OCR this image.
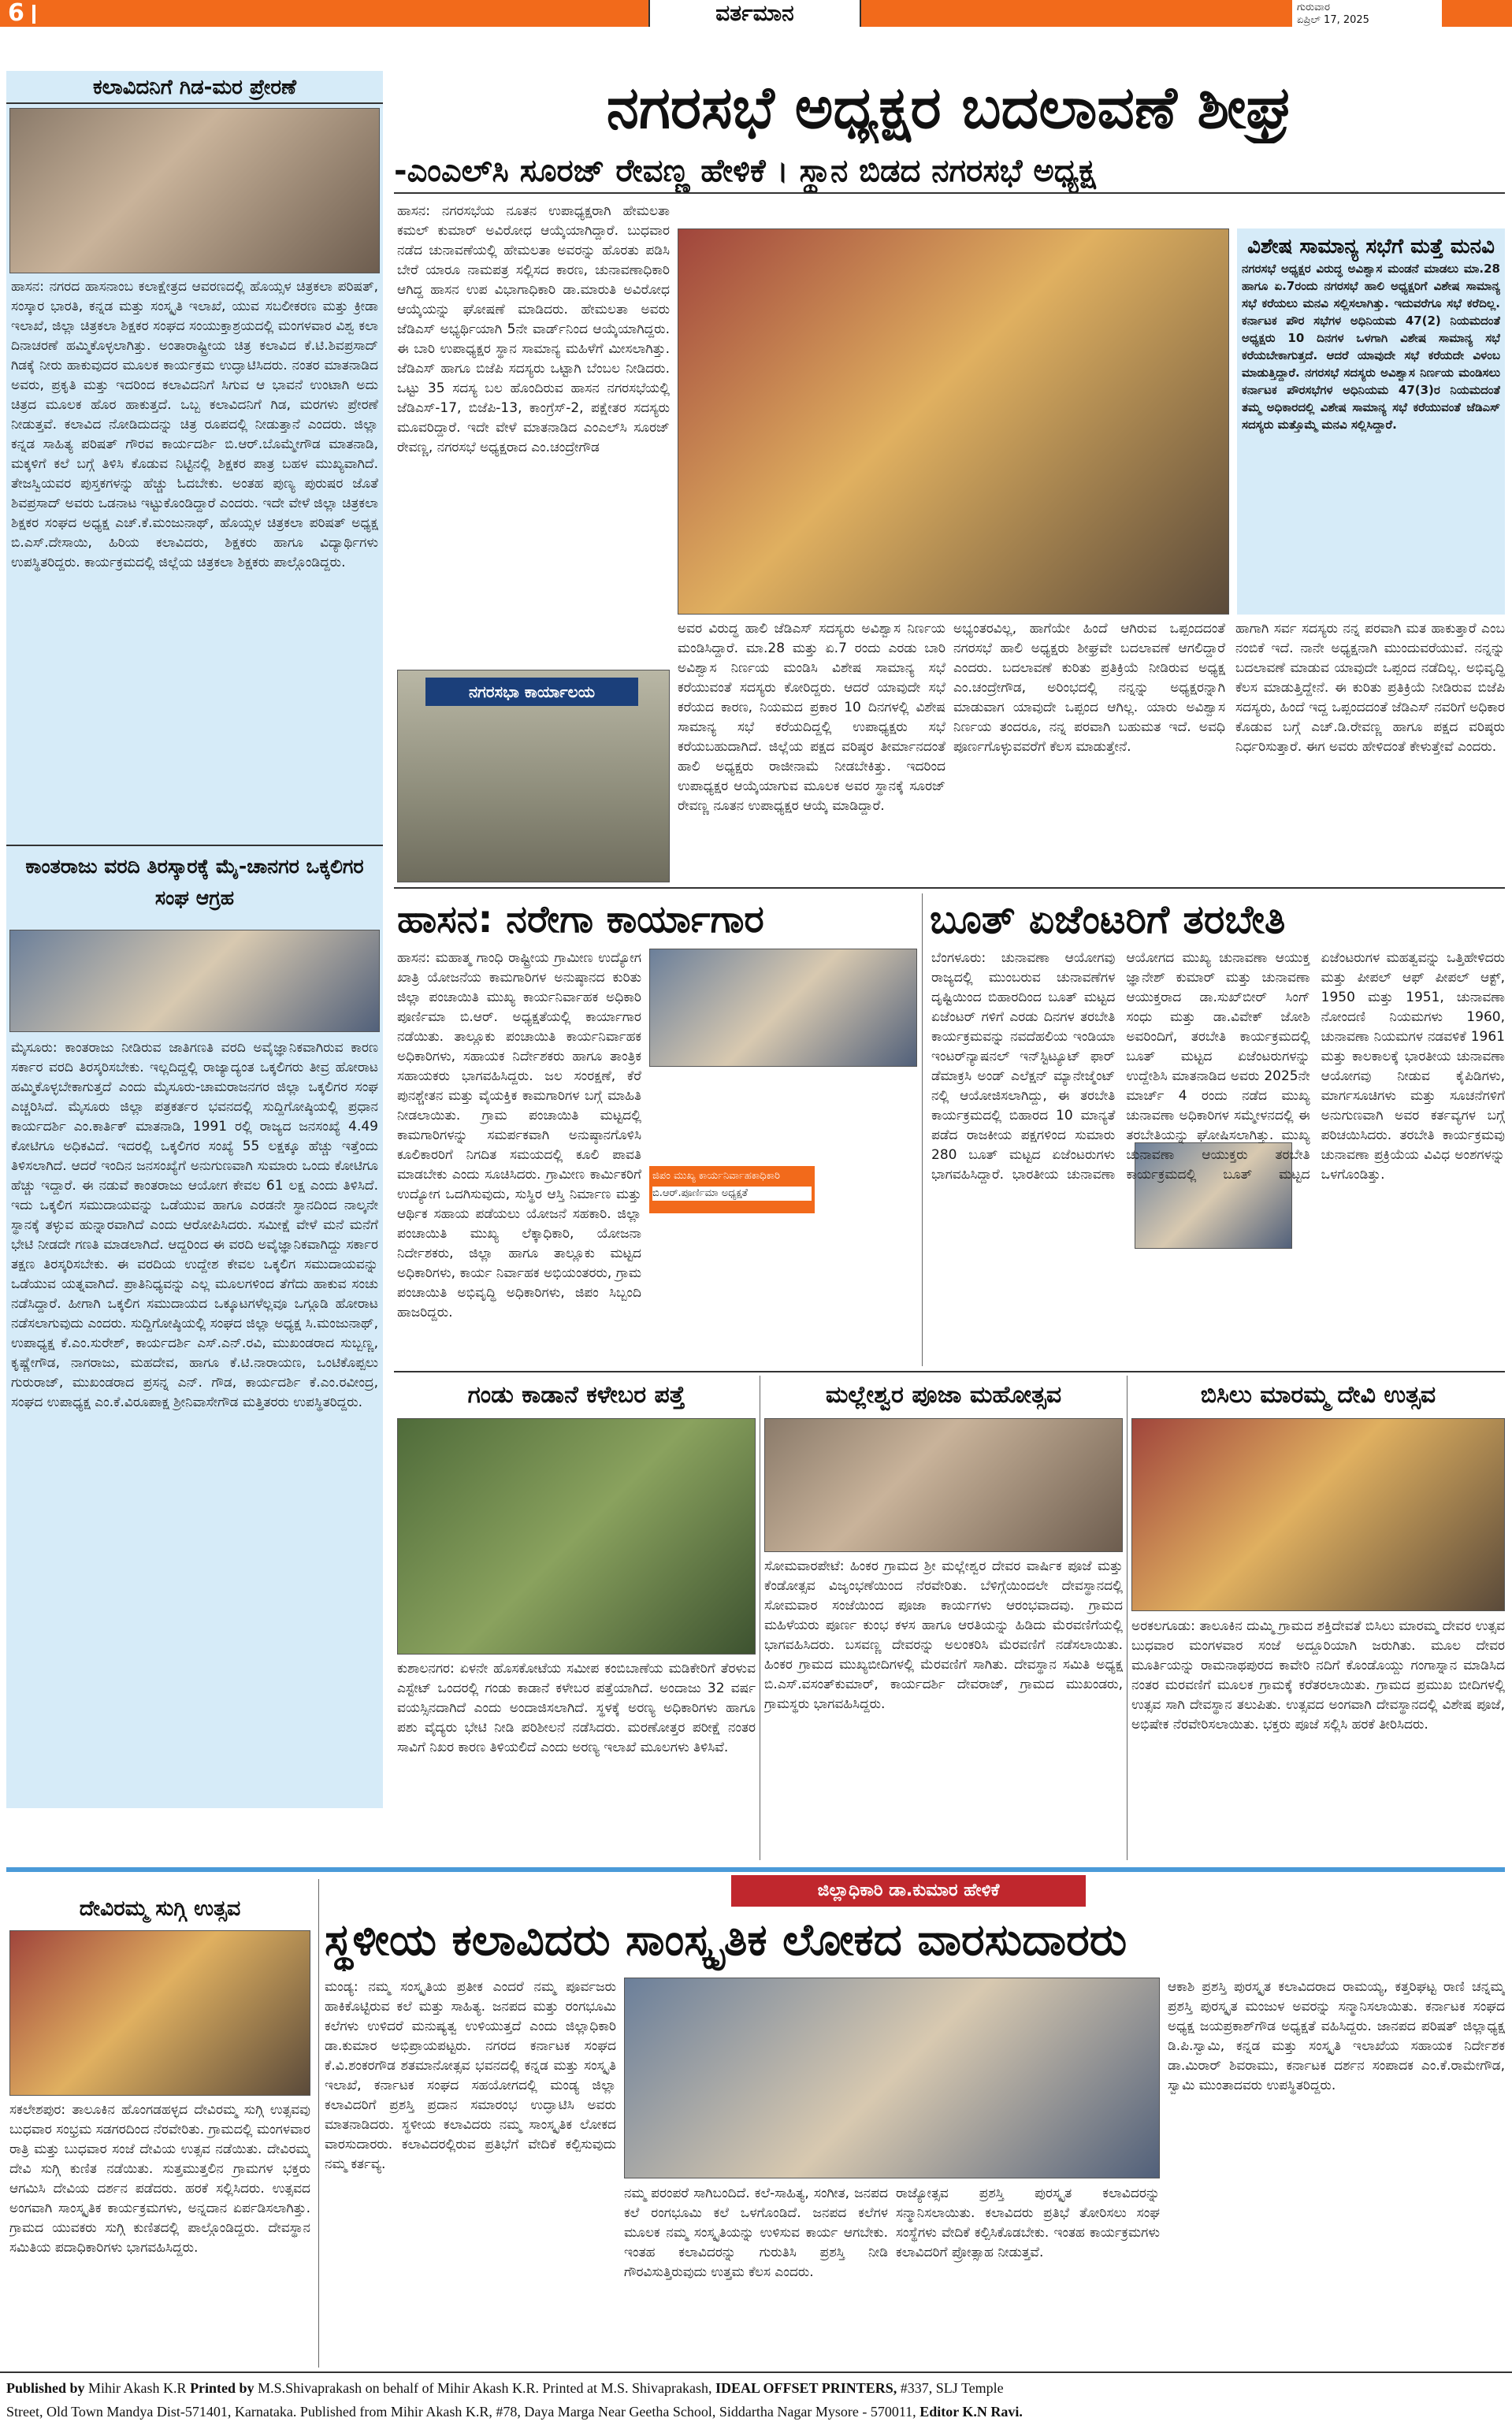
6	ವರ್ತಮಾನ	ಗುರುವಾರ
ಏಪ್ರಿಲ್ 17, 2025
ಕಲಾವಿದನಿಗೆ ಗಿಡ-ಮರ ಪ್ರೇರಣೆ
ಹಾಸನ: ನಗರದ ಹಾಸನಾಂಬ ಕಲಾಕ್ಷೇತ್ರದ ಆವರಣದಲ್ಲಿ ಹೊಯ್ಸಳ ಚಿತ್ರಕಲಾ ಪರಿಷತ್, ಸಂಸ್ಕಾರ ಭಾರತಿ, ಕನ್ನಡ ಮತ್ತು ಸಂಸ್ಕೃತಿ ಇಲಾಖೆ, ಯುವ ಸಬಲೀಕರಣ ಮತ್ತು ಕ್ರೀಡಾ ಇಲಾಖೆ, ಜಿಲ್ಲಾ ಚಿತ್ರಕಲಾ ಶಿಕ್ಷಕರ ಸಂಘದ ಸಂಯುಕ್ತಾಶ್ರಯದಲ್ಲಿ ಮಂಗಳವಾರ ವಿಶ್ವ ಕಲಾ ದಿನಾಚರಣೆ ಹಮ್ಮಿಕೊಳ್ಳಲಾಗಿತ್ತು. ಅಂತಾರಾಷ್ಟ್ರೀಯ ಚಿತ್ರ ಕಲಾವಿದ ಕೆ.ಟಿ.ಶಿವಪ್ರಸಾದ್ ಗಿಡಕ್ಕೆ ನೀರು ಹಾಕುವುದರ ಮೂಲಕ ಕಾರ್ಯಕ್ರಮ ಉದ್ಘಾಟಿಸಿದರು. ನಂತರ ಮಾತನಾಡಿದ ಅವರು, ಪ್ರಕೃತಿ ಮತ್ತು ಇದರಿಂದ ಕಲಾವಿದನಿಗೆ ಸಿಗುವ ಆ ಭಾವನೆ ಉಂಟಾಗಿ ಅದು ಚಿತ್ರದ ಮೂಲಕ ಹೊರ ಹಾಕುತ್ತದೆ. ಒಬ್ಬ ಕಲಾವಿದನಿಗೆ ಗಿಡ, ಮರಗಳು ಪ್ರೇರಣೆ ನೀಡುತ್ತವೆ. ಕಲಾವಿದ ನೋಡಿದುದನ್ನು ಚಿತ್ರ ರೂಪದಲ್ಲಿ ನೀಡುತ್ತಾನೆ ಎಂದರು. ಜಿಲ್ಲಾ ಕನ್ನಡ ಸಾಹಿತ್ಯ ಪರಿಷತ್ ಗೌರವ ಕಾರ್ಯದರ್ಶಿ ಬಿ.ಆರ್.ಬೊಮ್ಮೇಗೌಡ ಮಾತನಾಡಿ, ಮಕ್ಕಳಿಗೆ ಕಲೆ ಬಗ್ಗೆ ತಿಳಿಸಿ ಕೊಡುವ ನಿಟ್ಟಿನಲ್ಲಿ ಶಿಕ್ಷಕರ ಪಾತ್ರ ಬಹಳ ಮುಖ್ಯವಾಗಿದೆ. ತೇಜಸ್ವಿಯವರ ಪುಸ್ತಕಗಳನ್ನು ಹೆಚ್ಚು ಓದಬೇಕು. ಅಂತಹ ಪುಣ್ಯ ಪುರುಷರ ಜೊತೆ ಶಿವಪ್ರಸಾದ್ ಅವರು ಒಡನಾಟ ಇಟ್ಟುಕೊಂಡಿದ್ದಾರೆ ಎಂದರು. ಇದೇ ವೇಳೆ ಜಿಲ್ಲಾ ಚಿತ್ರಕಲಾ ಶಿಕ್ಷಕರ ಸಂಘದ ಅಧ್ಯಕ್ಷ ಎಚ್.ಕೆ.ಮಂಜುನಾಥ್, ಹೊಯ್ಸಳ ಚಿತ್ರಕಲಾ ಪರಿಷತ್ ಅಧ್ಯಕ್ಷ ಬಿ.ಎಸ್.ದೇಸಾಯಿ, ಹಿರಿಯ ಕಲಾವಿದರು, ಶಿಕ್ಷಕರು ಹಾಗೂ ವಿದ್ಯಾರ್ಥಿಗಳು ಉಪಸ್ಥಿತರಿದ್ದರು. ಕಾರ್ಯಕ್ರಮದಲ್ಲಿ ಜಿಲ್ಲೆಯ ಚಿತ್ರಕಲಾ ಶಿಕ್ಷಕರು ಪಾಲ್ಗೊಂಡಿದ್ದರು.
ಕಾಂತರಾಜು ವರದಿ ತಿರಸ್ಕಾರಕ್ಕೆ ಮೈ-ಚಾನಗರ ಒಕ್ಕಲಿಗರ ಸಂಘ ಆಗ್ರಹ
ಮೈಸೂರು: ಕಾಂತರಾಜು ನೀಡಿರುವ ಜಾತಿಗಣತಿ ವರದಿ ಅವೈಜ್ಞಾನಿಕವಾಗಿರುವ ಕಾರಣ ಸರ್ಕಾರ ವರದಿ ತಿರಸ್ಕರಿಸಬೇಕು. ಇಲ್ಲದಿದ್ದಲ್ಲಿ ರಾಜ್ಯಾದ್ಯಂತ ಒಕ್ಕಲಿಗರು ತೀವ್ರ ಹೋರಾಟ ಹಮ್ಮಿಕೊಳ್ಳಬೇಕಾಗುತ್ತದೆ ಎಂದು ಮೈಸೂರು-ಚಾಮರಾಜನಗರ ಜಿಲ್ಲಾ ಒಕ್ಕಲಿಗರ ಸಂಘ ಎಚ್ಚರಿಸಿದೆ. ಮೈಸೂರು ಜಿಲ್ಲಾ ಪತ್ರಕರ್ತರ ಭವನದಲ್ಲಿ ಸುದ್ದಿಗೋಷ್ಠಿಯಲ್ಲಿ ಪ್ರಧಾನ ಕಾರ್ಯದರ್ಶಿ ಎಂ.ಕಾರ್ತಿಕ್ ಮಾತನಾಡಿ, 1991 ರಲ್ಲಿ ರಾಜ್ಯದ ಜನಸಂಖ್ಯೆ 4.49 ಕೋಟಿಗೂ ಅಧಿಕವಿದೆ. ಇದರಲ್ಲಿ ಒಕ್ಕಲಿಗರ ಸಂಖ್ಯೆ 55 ಲಕ್ಷಕ್ಕೂ ಹೆಚ್ಚು ಇತ್ತೆಂದು ತಿಳಿಸಲಾಗಿದೆ. ಆದರೆ ಇಂದಿನ ಜನಸಂಖ್ಯೆಗೆ ಅನುಗುಣವಾಗಿ ಸುಮಾರು ಒಂದು ಕೋಟಿಗೂ ಹೆಚ್ಚು ಇದ್ದಾರೆ. ಈ ನಡುವೆ ಕಾಂತರಾಜು ಆಯೋಗ ಕೇವಲ 61 ಲಕ್ಷ ಎಂದು ತಿಳಿಸಿದೆ. ಇದು ಒಕ್ಕಲಿಗ ಸಮುದಾಯವನ್ನು ಒಡೆಯುವ ಹಾಗೂ ಎರಡನೇ ಸ್ಥಾನದಿಂದ ನಾಲ್ಕನೇ ಸ್ಥಾನಕ್ಕೆ ತಳ್ಳುವ ಹುನ್ನಾರವಾಗಿದೆ ಎಂದು ಆರೋಪಿಸಿದರು. ಸಮೀಕ್ಷೆ ವೇಳೆ ಮನೆ ಮನೆಗೆ ಭೇಟಿ ನೀಡದೇ ಗಣತಿ ಮಾಡಲಾಗಿದೆ. ಆದ್ದರಿಂದ ಈ ವರದಿ ಅವೈಜ್ಞಾನಿಕವಾಗಿದ್ದು ಸರ್ಕಾರ ತಕ್ಷಣ ತಿರಸ್ಕರಿಸಬೇಕು. ಈ ವರದಿಯ ಉದ್ದೇಶ ಕೇವಲ ಒಕ್ಕಲಿಗ ಸಮುದಾಯವನ್ನು ಒಡೆಯುವ ಯತ್ನವಾಗಿದೆ. ಪ್ರಾತಿನಿಧ್ಯವನ್ನು ಎಲ್ಲ ಮೂಲಗಳಿಂದ ತೆಗೆದು ಹಾಕುವ ಸಂಚು ನಡೆಸಿದ್ದಾರೆ. ಹೀಗಾಗಿ ಒಕ್ಕಲಿಗ ಸಮುದಾಯದ ಒಕ್ಕೂಟಗಳೆಲ್ಲವೂ ಒಗ್ಗೂಡಿ ಹೋರಾಟ ನಡೆಸಲಾಗುವುದು ಎಂದರು. ಸುದ್ದಿಗೋಷ್ಠಿಯಲ್ಲಿ ಸಂಘದ ಜಿಲ್ಲಾ ಅಧ್ಯಕ್ಷ ಸಿ.ಮಂಜುನಾಥ್, ಉಪಾಧ್ಯಕ್ಷ ಕೆ.ಎಂ.ಸುರೇಶ್, ಕಾರ್ಯದರ್ಶಿ ಎಸ್.ಎನ್.ರವಿ, ಮುಖಂಡರಾದ ಸುಬ್ಬಣ್ಣ, ಕೃಷ್ಣೇಗೌಡ, ನಾಗರಾಜು, ಮಹದೇವ, ಹಾಗೂ ಕೆ.ಟಿ.ನಾರಾಯಣ, ಒಂಟಿಕೊಪ್ಪಲು ಗುರುರಾಜ್, ಮುಖಂಡರಾದ ಪ್ರಸನ್ನ ಎನ್. ಗೌಡ, ಕಾರ್ಯದರ್ಶಿ ಕೆ.ಎಂ.ರವೀಂದ್ರ, ಸಂಘದ ಉಪಾಧ್ಯಕ್ಷ ಎಂ.ಕೆ.ವಿರೂಪಾಕ್ಷ ಶ್ರೀನಿವಾಸೇಗೌಡ ಮತ್ತಿತರರು ಉಪಸ್ಥಿತರಿದ್ದರು.
ನಗರಸಭೆ ಅಧ್ಯಕ್ಷರ ಬದಲಾವಣೆ ಶೀಘ್ರ
-ಎಂಎಲ್‌ಸಿ ಸೂರಜ್ ರೇವಣ್ಣ ಹೇಳಿಕೆ । ಸ್ಥಾನ ಬಿಡದ ನಗರಸಭೆ ಅಧ್ಯಕ್ಷ
ಹಾಸನ: ನಗರಸಭೆಯ ನೂತನ ಉಪಾಧ್ಯಕ್ಷರಾಗಿ ಹೇಮಲತಾ ಕಮಲ್ ಕುಮಾರ್ ಅವಿರೋಧ ಆಯ್ಕೆಯಾಗಿದ್ದಾರೆ. ಬುಧವಾರ ನಡೆದ ಚುನಾವಣೆಯಲ್ಲಿ ಹೇಮಲತಾ ಅವರನ್ನು ಹೊರತು ಪಡಿಸಿ ಬೇರೆ ಯಾರೂ ನಾಮಪತ್ರ ಸಲ್ಲಿಸದ ಕಾರಣ, ಚುನಾವಣಾಧಿಕಾರಿ ಆಗಿದ್ದ ಹಾಸನ ಉಪ ವಿಭಾಗಾಧಿಕಾರಿ ಡಾ.ಮಾರುತಿ ಅವಿರೋಧ ಆಯ್ಕೆಯನ್ನು ಘೋಷಣೆ ಮಾಡಿದರು. ಹೇಮಲತಾ ಅವರು ಜೆಡಿಎಸ್ ಅಭ್ಯರ್ಥಿಯಾಗಿ 5ನೇ ವಾರ್ಡ್‌ನಿಂದ ಆಯ್ಕೆಯಾಗಿದ್ದರು. ಈ ಬಾರಿ ಉಪಾಧ್ಯಕ್ಷರ ಸ್ಥಾನ ಸಾಮಾನ್ಯ ಮಹಿಳೆಗೆ ಮೀಸಲಾಗಿತ್ತು. ಜೆಡಿಎಸ್ ಹಾಗೂ ಬಿಜೆಪಿ ಸದಸ್ಯರು ಒಟ್ಟಾಗಿ ಬೆಂಬಲ ನೀಡಿದರು. ಒಟ್ಟು 35 ಸದಸ್ಯ ಬಲ ಹೊಂದಿರುವ ಹಾಸನ ನಗರಸಭೆಯಲ್ಲಿ ಜೆಡಿಎಸ್-17, ಬಿಜೆಪಿ-13, ಕಾಂಗ್ರೆಸ್-2, ಪಕ್ಷೇತರ ಸದಸ್ಯರು ಮೂವರಿದ್ದಾರೆ. ಇದೇ ವೇಳೆ ಮಾತನಾಡಿದ ಎಂಎಲ್‌ಸಿ ಸೂರಜ್ ರೇವಣ್ಣ, ನಗರಸಭೆ ಅಧ್ಯಕ್ಷರಾದ ಎಂ.ಚಂದ್ರೇಗೌಡ
ವಿಶೇಷ ಸಾಮಾನ್ಯ ಸಭೆಗೆ ಮತ್ತೆ ಮನವಿ
ನಗರಸಭೆ ಅಧ್ಯಕ್ಷರ ವಿರುದ್ಧ ಅವಿಶ್ವಾಸ ಮಂಡನೆ ಮಾಡಲು ಮಾ.28 ಹಾಗೂ ಏ.7ರಂದು ನಗರಸಭೆ ಹಾಲಿ ಅಧ್ಯಕ್ಷರಿಗೆ ವಿಶೇಷ ಸಾಮಾನ್ಯ ಸಭೆ ಕರೆಯಲು ಮನವಿ ಸಲ್ಲಿಸಲಾಗಿತ್ತು. ಇದುವರೆಗೂ ಸಭೆ ಕರೆದಿಲ್ಲ. ಕರ್ನಾಟಕ ಪೌರ ಸಭೆಗಳ ಅಧಿನಿಯಮ 47(2) ನಿಯಮದಂತೆ ಅಧ್ಯಕ್ಷರು 10 ದಿನಗಳ ಒಳಗಾಗಿ ವಿಶೇಷ ಸಾಮಾನ್ಯ ಸಭೆ ಕರೆಯಬೇಕಾಗುತ್ತದೆ. ಆದರೆ ಯಾವುದೇ ಸಭೆ ಕರೆಯದೇ ವಿಳಂಬ ಮಾಡುತ್ತಿದ್ದಾರೆ. ನಗರಸಭೆ ಸದಸ್ಯರು ಅವಿಶ್ವಾಸ ನಿರ್ಣಯ ಮಂಡಿಸಲು ಕರ್ನಾಟಕ ಪೌರಸಭೆಗಳ ಅಧಿನಿಯಮ 47(3)ರ ನಿಯಮದಂತೆ ತಮ್ಮ ಅಧಿಕಾರದಲ್ಲಿ ವಿಶೇಷ ಸಾಮಾನ್ಯ ಸಭೆ ಕರೆಯುವಂತೆ ಜೆಡಿಎಸ್ ಸದಸ್ಯರು ಮತ್ತೊಮ್ಮೆ ಮನವಿ ಸಲ್ಲಿಸಿದ್ದಾರೆ.
ನಗರಸಭಾ ಕಾರ್ಯಾಲಯ
ಅವರ ವಿರುದ್ಧ ಹಾಲಿ ಜೆಡಿಎಸ್ ಸದಸ್ಯರು ಅವಿಶ್ವಾಸ ನಿರ್ಣಯ ಮಂಡಿಸಿದ್ದಾರೆ. ಮಾ.28 ಮತ್ತು ಏ.7 ರಂದು ಎರಡು ಬಾರಿ ಅವಿಶ್ವಾಸ ನಿರ್ಣಯ ಮಂಡಿಸಿ ವಿಶೇಷ ಸಾಮಾನ್ಯ ಸಭೆ ಕರೆಯುವಂತೆ ಸದಸ್ಯರು ಕೋರಿದ್ದರು. ಆದರೆ ಯಾವುದೇ ಸಭೆ ಕರೆಯದ ಕಾರಣ, ನಿಯಮದ ಪ್ರಕಾರ 10 ದಿನಗಳಲ್ಲಿ ವಿಶೇಷ ಸಾಮಾನ್ಯ ಸಭೆ ಕರೆಯದಿದ್ದಲ್ಲಿ ಉಪಾಧ್ಯಕ್ಷರು ಸಭೆ ಕರೆಯಬಹುದಾಗಿದೆ. ಜಿಲ್ಲೆಯ ಪಕ್ಷದ ವರಿಷ್ಠರ ತೀರ್ಮಾನದಂತೆ ಹಾಲಿ ಅಧ್ಯಕ್ಷರು ರಾಜೀನಾಮೆ ನೀಡಬೇಕಿತ್ತು. ಇದರಿಂದ ಉಪಾಧ್ಯಕ್ಷರ ಆಯ್ಕೆಯಾಗುವ ಮೂಲಕ ಅವರ ಸ್ಥಾನಕ್ಕೆ ಸೂರಜ್ ರೇವಣ್ಣ ನೂತನ ಉಪಾಧ್ಯಕ್ಷರ ಆಯ್ಕೆ ಮಾಡಿದ್ದಾರೆ.
ಅಭ್ಯಂತರವಿಲ್ಲ, ಹಾಗೆಯೇ ಹಿಂದೆ ಆಗಿರುವ ಒಪ್ಪಂದದಂತೆ ನಗರಸಭೆ ಹಾಲಿ ಅಧ್ಯಕ್ಷರು ಶೀಘ್ರವೇ ಬದಲಾವಣೆ ಆಗಲಿದ್ದಾರೆ ಎಂದರು. ಬದಲಾವಣೆ ಕುರಿತು ಪ್ರತಿಕ್ರಿಯೆ ನೀಡಿರುವ ಅಧ್ಯಕ್ಷ ಎಂ.ಚಂದ್ರೇಗೌಡ, ಅರಿಂಭದಲ್ಲಿ ನನ್ನನ್ನು ಅಧ್ಯಕ್ಷರನ್ನಾಗಿ ಮಾಡುವಾಗ ಯಾವುದೇ ಒಪ್ಪಂದ ಆಗಿಲ್ಲ. ಯಾರು ಅವಿಶ್ವಾಸ ನಿರ್ಣಯ ತಂದರೂ, ನನ್ನ ಪರವಾಗಿ ಬಹುಮತ ಇದೆ. ಅವಧಿ ಪೂರ್ಣಗೊಳ್ಳುವವರೆಗೆ ಕೆಲಸ ಮಾಡುತ್ತೇನೆ.
ಹಾಗಾಗಿ ಸರ್ವ ಸದಸ್ಯರು ನನ್ನ ಪರವಾಗಿ ಮತ ಹಾಕುತ್ತಾರೆ ಎಂಬ ನಂಬಿಕೆ ಇದೆ. ನಾನೇ ಅಧ್ಯಕ್ಷನಾಗಿ ಮುಂದುವರೆಯುವೆ. ನನ್ನನ್ನು ಬದಲಾವಣೆ ಮಾಡುವ ಯಾವುದೇ ಒಪ್ಪಂದ ನಡೆದಿಲ್ಲ. ಅಭಿವೃದ್ಧಿ ಕೆಲಸ ಮಾಡುತ್ತಿದ್ದೇನೆ. ಈ ಕುರಿತು ಪ್ರತಿಕ್ರಿಯೆ ನೀಡಿರುವ ಬಿಜೆಪಿ ಸದಸ್ಯರು, ಹಿಂದೆ ಇದ್ದ ಒಪ್ಪಂದದಂತೆ ಜೆಡಿಎಸ್ ನವರಿಗೆ ಅಧಿಕಾರ ಕೊಡುವ ಬಗ್ಗೆ ಎಚ್.ಡಿ.ರೇವಣ್ಣ ಹಾಗೂ ಪಕ್ಷದ ವರಿಷ್ಠರು ನಿರ್ಧರಿಸುತ್ತಾರೆ. ಈಗ ಅವರು ಹೇಳಿದಂತೆ ಕೇಳುತ್ತೇವೆ ಎಂದರು.
ಹಾಸನ: ನರೇಗಾ ಕಾರ್ಯಾಗಾರ
ಹಾಸನ: ಮಹಾತ್ಮ ಗಾಂಧಿ ರಾಷ್ಟ್ರೀಯ ಗ್ರಾಮೀಣ ಉದ್ಯೋಗ ಖಾತ್ರಿ ಯೋಜನೆಯ ಕಾಮಗಾರಿಗಳ ಅನುಷ್ಠಾನದ ಕುರಿತು ಜಿಲ್ಲಾ ಪಂಚಾಯಿತಿ ಮುಖ್ಯ ಕಾರ್ಯನಿರ್ವಾಹಕ ಅಧಿಕಾರಿ ಪೂರ್ಣಿಮಾ ಬಿ.ಆರ್. ಅಧ್ಯಕ್ಷತೆಯಲ್ಲಿ ಕಾರ್ಯಾಗಾರ ನಡೆಯಿತು. ತಾಲ್ಲೂಕು ಪಂಚಾಯಿತಿ ಕಾರ್ಯನಿರ್ವಾಹಕ ಅಧಿಕಾರಿಗಳು, ಸಹಾಯಕ ನಿರ್ದೇಶಕರು ಹಾಗೂ ತಾಂತ್ರಿಕ ಸಹಾಯಕರು ಭಾಗವಹಿಸಿದ್ದರು. ಜಲ ಸಂರಕ್ಷಣೆ, ಕೆರೆ ಪುನಶ್ಚೇತನ ಮತ್ತು ವೈಯಕ್ತಿಕ ಕಾಮಗಾರಿಗಳ ಬಗ್ಗೆ ಮಾಹಿತಿ ನೀಡಲಾಯಿತು. ಗ್ರಾಮ ಪಂಚಾಯಿತಿ ಮಟ್ಟದಲ್ಲಿ ಕಾಮಗಾರಿಗಳನ್ನು ಸಮರ್ಪಕವಾಗಿ ಅನುಷ್ಠಾನಗೊಳಿಸಿ ಕೂಲಿಕಾರರಿಗೆ ನಿಗದಿತ ಸಮಯದಲ್ಲಿ ಕೂಲಿ ಪಾವತಿ ಮಾಡಬೇಕು ಎಂದು ಸೂಚಿಸಿದರು. ಗ್ರಾಮೀಣ ಕಾರ್ಮಿಕರಿಗೆ ಉದ್ಯೋಗ ಒದಗಿಸುವುದು, ಸುಸ್ಥಿರ ಆಸ್ತಿ ನಿರ್ಮಾಣ ಮತ್ತು ಆರ್ಥಿಕ ಸಹಾಯ ಪಡೆಯಲು ಯೋಜನೆ ಸಹಕಾರಿ. ಜಿಲ್ಲಾ ಪಂಚಾಯಿತಿ ಮುಖ್ಯ ಲೆಕ್ಕಾಧಿಕಾರಿ, ಯೋಜನಾ ನಿರ್ದೇಶಕರು, ಜಿಲ್ಲಾ ಹಾಗೂ ತಾಲ್ಲೂಕು ಮಟ್ಟದ ಅಧಿಕಾರಿಗಳು, ಕಾರ್ಯ ನಿರ್ವಾಹಕ ಅಭಿಯಂತರರು, ಗ್ರಾಮ ಪಂಚಾಯಿತಿ ಅಭಿವೃದ್ಧಿ ಅಧಿಕಾರಿಗಳು, ಜಿಪಂ ಸಿಬ್ಬಂದಿ ಹಾಜರಿದ್ದರು.
ಜಿಪಂ ಮುಖ್ಯ ಕಾರ್ಯನಿರ್ವಾಹಕಾಧಿಕಾರಿ
ಬಿ.ಆರ್.ಪೂರ್ಣಿಮಾ ಅಧ್ಯಕ್ಷತೆ
ಬೂತ್ ಏಜೆಂಟರಿಗೆ ತರಬೇತಿ
ಬೆಂಗಳೂರು: ಚುನಾವಣಾ ಆಯೋಗವು ರಾಜ್ಯದಲ್ಲಿ ಮುಂಬರುವ ಚುನಾವಣೆಗಳ ದೃಷ್ಟಿಯಿಂದ ಬಿಹಾರದಿಂದ ಬೂತ್ ಮಟ್ಟದ ಏಜೆಂಟರ್ ಗಳಿಗೆ ಎರಡು ದಿನಗಳ ತರಬೇತಿ ಕಾರ್ಯಕ್ರಮವನ್ನು ನವದೆಹಲಿಯ ಇಂಡಿಯಾ ಇಂಟರ್‌ನ್ಯಾಷನಲ್ ಇನ್‌ಸ್ಟಿಟ್ಯೂಟ್ ಫಾರ್ ಡೆಮಾಕ್ರಸಿ ಅಂಡ್ ಎಲೆಕ್ಷನ್ ಮ್ಯಾನೇಜ್ಮೆಂಟ್ ನಲ್ಲಿ ಆಯೋಜಿಸಲಾಗಿದ್ದು, ಈ ತರಬೇತಿ ಕಾರ್ಯಕ್ರಮದಲ್ಲಿ ಬಿಹಾರದ 10 ಮಾನ್ಯತೆ ಪಡೆದ ರಾಜಕೀಯ ಪಕ್ಷಗಳಿಂದ ಸುಮಾರು 280 ಬೂತ್ ಮಟ್ಟದ ಏಜೆಂಟರುಗಳು ಭಾಗವಹಿಸಿದ್ದಾರೆ. ಭಾರತೀಯ ಚುನಾವಣಾ ಆಯೋಗದ ಮುಖ್ಯ ಚುನಾವಣಾ ಆಯುಕ್ತ ಜ್ಞಾನೇಶ್ ಕುಮಾರ್ ಮತ್ತು ಚುನಾವಣಾ ಆಯುಕ್ತರಾದ ಡಾ.ಸುಖ್‌ಬೀರ್ ಸಿಂಗ್ ಸಂಧು ಮತ್ತು ಡಾ.ವಿವೇಕ್ ಜೋಶಿ ಅವರಿಂದಿಗೆ, ತರಬೇತಿ ಕಾರ್ಯಕ್ರಮದಲ್ಲಿ ಬೂತ್ ಮಟ್ಟದ ಏಜೆಂಟರುಗಳನ್ನು ಉದ್ದೇಶಿಸಿ ಮಾತನಾಡಿದ ಅವರು 2025ನೇ ಮಾರ್ಚ್ 4 ರಂದು ನಡೆದ ಮುಖ್ಯ ಚುನಾವಣಾ ಅಧಿಕಾರಿಗಳ ಸಮ್ಮೇಳನದಲ್ಲಿ ಈ ತರಬೇತಿಯನ್ನು ಘೋಷಿಸಲಾಗಿತ್ತು. ಮುಖ್ಯ ಚುನಾವಣಾ ಆಯುಕ್ತರು ತರಬೇತಿ ಕಾರ್ಯಕ್ರಮದಲ್ಲಿ ಬೂತ್ ಮಟ್ಟದ ಏಜೆಂಟರುಗಳ ಮಹತ್ವವನ್ನು ಒತ್ತಿಹೇಳಿದರು ಮತ್ತು ಪೀಪಲ್ ಆಫ್ ಪೀಪಲ್ ಆಕ್ಟ್, 1950 ಮತ್ತು 1951, ಚುನಾವಣಾ ನೋಂದಣಿ ನಿಯಮಗಳು 1960, ಚುನಾವಣಾ ನಿಯಮಗಳ ನಡವಳಿಕೆ 1961 ಮತ್ತು ಕಾಲಕಾಲಕ್ಕೆ ಭಾರತೀಯ ಚುನಾವಣಾ ಆಯೋಗವು ನೀಡುವ ಕೈಪಿಡಿಗಳು, ಮಾರ್ಗಸೂಚಿಗಳು ಮತ್ತು ಸೂಚನೆಗಳಿಗೆ ಅನುಗುಣವಾಗಿ ಅವರ ಕರ್ತವ್ಯಗಳ ಬಗ್ಗೆ ಪರಿಚಯಿಸಿದರು. ತರಬೇತಿ ಕಾರ್ಯಕ್ರಮವು ಚುನಾವಣಾ ಪ್ರಕ್ರಿಯೆಯ ವಿವಿಧ ಅಂಶಗಳನ್ನು ಒಳಗೊಂಡಿತ್ತು.
ಗಂಡು ಕಾಡಾನೆ ಕಳೇಬರ ಪತ್ತೆ
ಕುಶಾಲನಗರ: ಏಳನೇ ಹೊಸಕೋಟೆಯ ಸಮೀಪ ಕಂಬಿಬಾಣೆಯ ಮಡಿಕೇರಿಗೆ ತೆರಳುವ ಎಸ್ಟೇಟ್ ಒಂದರಲ್ಲಿ ಗಂಡು ಕಾಡಾನೆ ಕಳೇಬರ ಪತ್ತೆಯಾಗಿದೆ. ಅಂದಾಜು 32 ವರ್ಷ ವಯಸ್ಸಿನದಾಗಿದೆ ಎಂದು ಅಂದಾಜಿಸಲಾಗಿದೆ. ಸ್ಥಳಕ್ಕೆ ಅರಣ್ಯ ಅಧಿಕಾರಿಗಳು ಹಾಗೂ ಪಶು ವೈದ್ಯರು ಭೇಟಿ ನೀಡಿ ಪರಿಶೀಲನೆ ನಡೆಸಿದರು. ಮರಣೋತ್ತರ ಪರೀಕ್ಷೆ ನಂತರ ಸಾವಿಗೆ ನಿಖರ ಕಾರಣ ತಿಳಿಯಲಿದೆ ಎಂದು ಅರಣ್ಯ ಇಲಾಖೆ ಮೂಲಗಳು ತಿಳಿಸಿವೆ.
ಮಲ್ಲೇಶ್ವರ ಪೂಜಾ ಮಹೋತ್ಸವ
ಸೋಮವಾರಪೇಟೆ: ಹಿಂಕರ ಗ್ರಾಮದ ಶ್ರೀ ಮಲ್ಲೇಶ್ವರ ದೇವರ ವಾರ್ಷಿಕ ಪೂಜೆ ಮತ್ತು ಕೆಂಡೋತ್ಸವ ವಿಜೃಂಭಣೆಯಿಂದ ನೆರವೇರಿತು. ಬೆಳಿಗ್ಗೆಯಿಂದಲೇ ದೇವಸ್ಥಾನದಲ್ಲಿ ಸೋಮವಾರ ಸಂಜೆಯಿಂದ ಪೂಜಾ ಕಾರ್ಯಗಳು ಆರಂಭವಾದವು. ಗ್ರಾಮದ ಮಹಿಳೆಯರು ಪೂರ್ಣ ಕುಂಭ ಕಳಸ ಹಾಗೂ ಆರತಿಯನ್ನು ಹಿಡಿದು ಮೆರವಣಿಗೆಯಲ್ಲಿ ಭಾಗವಹಿಸಿದರು. ಬಸವಣ್ಣ ದೇವರನ್ನು ಅಲಂಕರಿಸಿ ಮೆರವಣಿಗೆ ನಡೆಸಲಾಯಿತು. ಹಿಂಕರ ಗ್ರಾಮದ ಮುಖ್ಯಬೀದಿಗಳಲ್ಲಿ ಮೆರವಣಿಗೆ ಸಾಗಿತು. ದೇವಸ್ಥಾನ ಸಮಿತಿ ಅಧ್ಯಕ್ಷ ಬಿ.ಎಸ್.ವಸಂತ್‌ಕುಮಾರ್, ಕಾರ್ಯದರ್ಶಿ ದೇವರಾಜ್, ಗ್ರಾಮದ ಮುಖಂಡರು, ಗ್ರಾಮಸ್ಥರು ಭಾಗವಹಿಸಿದ್ದರು.
ಬಿಸಿಲು ಮಾರಮ್ಮ ದೇವಿ ಉತ್ಸವ
ಅರಕಲಗೂಡು: ತಾಲೂಕಿನ ದುಮ್ಮಿ ಗ್ರಾಮದ ಶಕ್ತಿದೇವತೆ ಬಿಸಿಲು ಮಾರಮ್ಮ ದೇವರ ಉತ್ಸವ ಬುಧವಾರ ಮಂಗಳವಾರ ಸಂಜೆ ಅದ್ದೂರಿಯಾಗಿ ಜರುಗಿತು. ಮೂಲ ದೇವರ ಮೂರ್ತಿಯನ್ನು ರಾಮನಾಥಪುರದ ಕಾವೇರಿ ನದಿಗೆ ಕೊಂಡೊಯ್ದು ಗಂಗಾಸ್ನಾನ ಮಾಡಿಸಿದ ನಂತರ ಮರವಣಿಗೆ ಮೂಲಕ ಗ್ರಾಮಕ್ಕೆ ಕರೆತರಲಾಯಿತು. ಗ್ರಾಮದ ಪ್ರಮುಖ ಬೀದಿಗಳಲ್ಲಿ ಉತ್ಸವ ಸಾಗಿ ದೇವಸ್ಥಾನ ತಲುಪಿತು. ಉತ್ಸವದ ಅಂಗವಾಗಿ ದೇವಸ್ಥಾನದಲ್ಲಿ ವಿಶೇಷ ಪೂಜೆ, ಅಭಿಷೇಕ ನೆರವೇರಿಸಲಾಯಿತು. ಭಕ್ತರು ಪೂಜೆ ಸಲ್ಲಿಸಿ ಹರಕೆ ತೀರಿಸಿದರು.
ದೇವಿರಮ್ಮ ಸುಗ್ಗಿ ಉತ್ಸವ
ಸಕಲೇಶಪುರ: ತಾಲೂಕಿನ ಹೊಂಗಡಹಳ್ಳದ ದೇವಿರಮ್ಮ ಸುಗ್ಗಿ ಉತ್ಸವವು ಬುಧವಾರ ಸಂಭ್ರಮ ಸಡಗರದಿಂದ ನೆರವೇರಿತು. ಗ್ರಾಮದಲ್ಲಿ ಮಂಗಳವಾರ ರಾತ್ರಿ ಮತ್ತು ಬುಧವಾರ ಸಂಜೆ ದೇವಿಯ ಉತ್ಸವ ನಡೆಯಿತು. ದೇವಿರಮ್ಮ ದೇವಿ ಸುಗ್ಗಿ ಕುಣಿತ ನಡೆಯಿತು. ಸುತ್ತಮುತ್ತಲಿನ ಗ್ರಾಮಗಳ ಭಕ್ತರು ಆಗಮಿಸಿ ದೇವಿಯ ದರ್ಶನ ಪಡೆದರು. ಹರಕೆ ಸಲ್ಲಿಸಿದರು. ಉತ್ಸವದ ಅಂಗವಾಗಿ ಸಾಂಸ್ಕೃತಿಕ ಕಾರ್ಯಕ್ರಮಗಳು, ಅನ್ನದಾನ ಏರ್ಪಡಿಸಲಾಗಿತ್ತು. ಗ್ರಾಮದ ಯುವಕರು ಸುಗ್ಗಿ ಕುಣಿತದಲ್ಲಿ ಪಾಲ್ಗೊಂಡಿದ್ದರು. ದೇವಸ್ಥಾನ ಸಮಿತಿಯ ಪದಾಧಿಕಾರಿಗಳು ಭಾಗವಹಿಸಿದ್ದರು.
ಜಿಲ್ಲಾಧಿಕಾರಿ ಡಾ.ಕುಮಾರ ಹೇಳಿಕೆ
ಸ್ಥಳೀಯ ಕಲಾವಿದರು ಸಾಂಸ್ಕೃತಿಕ ಲೋಕದ ವಾರಸುದಾರರು
ಮಂಡ್ಯ: ನಮ್ಮ ಸಂಸ್ಕೃತಿಯ ಪ್ರತೀಕ ಎಂದರೆ ನಮ್ಮ ಪೂರ್ವಜರು ಹಾಕಿಕೊಟ್ಟಿರುವ ಕಲೆ ಮತ್ತು ಸಾಹಿತ್ಯ. ಜನಪದ ಮತ್ತು ರಂಗಭೂಮಿ ಕಲೆಗಳು ಉಳಿದರೆ ಮನುಷ್ಯತ್ವ ಉಳಿಯುತ್ತದೆ ಎಂದು ಜಿಲ್ಲಾಧಿಕಾರಿ ಡಾ.ಕುಮಾರ ಅಭಿಪ್ರಾಯಪಟ್ಟರು. ನಗರದ ಕರ್ನಾಟಕ ಸಂಘದ ಕೆ.ವಿ.ಶಂಕರಗೌಡ ಶತಮಾನೋತ್ಸವ ಭವನದಲ್ಲಿ ಕನ್ನಡ ಮತ್ತು ಸಂಸ್ಕೃತಿ ಇಲಾಖೆ, ಕರ್ನಾಟಕ ಸಂಘದ ಸಹಯೋಗದಲ್ಲಿ ಮಂಡ್ಯ ಜಿಲ್ಲಾ ಕಲಾವಿದರಿಗೆ ಪ್ರಶಸ್ತಿ ಪ್ರದಾನ ಸಮಾರಂಭ ಉದ್ಘಾಟಿಸಿ ಅವರು ಮಾತನಾಡಿದರು. ಸ್ಥಳೀಯ ಕಲಾವಿದರು ನಮ್ಮ ಸಾಂಸ್ಕೃತಿಕ ಲೋಕದ ವಾರಸುದಾರರು. ಕಲಾವಿದರಲ್ಲಿರುವ ಪ್ರತಿಭೆಗೆ ವೇದಿಕೆ ಕಲ್ಪಿಸುವುದು ನಮ್ಮ ಕರ್ತವ್ಯ.
ನಮ್ಮ ಪರಂಪರೆ ಸಾಗಿಬಂದಿದೆ. ಕಲೆ-ಸಾಹಿತ್ಯ, ಸಂಗೀತ, ಜನಪದ ಕಲೆ ರಂಗಭೂಮಿ ಕಲೆ ಒಳಗೊಂಡಿದೆ. ಜನಪದ ಕಲೆಗಳ ಮೂಲಕ ನಮ್ಮ ಸಂಸ್ಕೃತಿಯನ್ನು ಉಳಿಸುವ ಕಾರ್ಯ ಆಗಬೇಕು. ಇಂತಹ ಕಲಾವಿದರನ್ನು ಗುರುತಿಸಿ ಪ್ರಶಸ್ತಿ ನೀಡಿ ಗೌರವಿಸುತ್ತಿರುವುದು ಉತ್ತಮ ಕೆಲಸ ಎಂದರು.
ರಾಜ್ಯೋತ್ಸವ ಪ್ರಶಸ್ತಿ ಪುರಸ್ಕೃತ ಕಲಾವಿದರನ್ನು ಸನ್ಮಾನಿಸಲಾಯಿತು. ಕಲಾವಿದರು ಪ್ರತಿಭೆ ತೋರಿಸಲು ಸಂಘ ಸಂಸ್ಥೆಗಳು ವೇದಿಕೆ ಕಲ್ಪಿಸಿಕೊಡಬೇಕು. ಇಂತಹ ಕಾರ್ಯಕ್ರಮಗಳು ಕಲಾವಿದರಿಗೆ ಪ್ರೋತ್ಸಾಹ ನೀಡುತ್ತವೆ.
ಆಕಾಶಿ ಪ್ರಶಸ್ತಿ ಪುರಸ್ಕೃತ ಕಲಾವಿದರಾದ ರಾಮಯ್ಯ, ಕತ್ತರಿಘಟ್ಟ ರಾಣಿ ಚನ್ನಮ್ಮ ಪ್ರಶಸ್ತಿ ಪುರಸ್ಕೃತ ಮಂಜುಳ ಅವರನ್ನು ಸನ್ಮಾನಿಸಲಾಯಿತು. ಕರ್ನಾಟಕ ಸಂಘದ ಅಧ್ಯಕ್ಷ ಜಯಪ್ರಕಾಶ್‌ಗೌಡ ಅಧ್ಯಕ್ಷತೆ ವಹಿಸಿದ್ದರು. ಜಾನಪದ ಪರಿಷತ್ ಜಿಲ್ಲಾಧ್ಯಕ್ಷ ಡಿ.ಪಿ.ಸ್ವಾಮಿ, ಕನ್ನಡ ಮತ್ತು ಸಂಸ್ಕೃತಿ ಇಲಾಖೆಯ ಸಹಾಯಕ ನಿರ್ದೇಶಕ ಡಾ.ಮಿರಾರ್ ಶಿವರಾಮು, ಕರ್ನಾಟಕ ದರ್ಶನ ಸಂಪಾದಕ ಎಂ.ಕೆ.ರಾಮೇಗೌಡ, ಸ್ವಾಮಿ ಮುಂತಾದವರು ಉಪಸ್ಥಿತರಿದ್ದರು.
Published by Mihir Akash K.R Printed by M.S.Shivaprakash on behalf of Mihir Akash K.R. Printed at M.S. Shivaprakash, IDEAL OFFSET PRINTERS, #337, SLJ Temple
Street, Old Town Mandya Dist-571401, Karnataka. Published from Mihir Akash K.R, #78, Daya Marga Near Geetha School, Siddartha Nagar Mysore - 570011, Editor K.N Ravi.
